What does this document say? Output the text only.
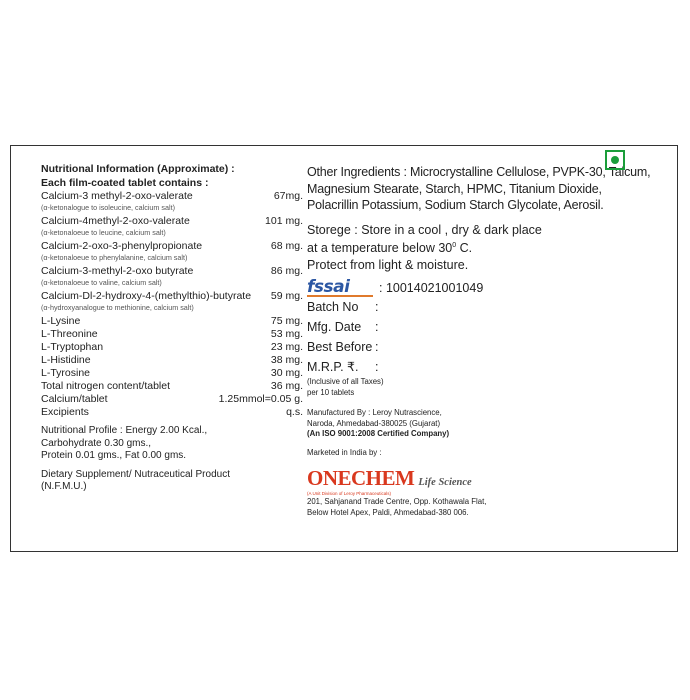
Nutritional Information (Approximate) :
Each film-coated tablet contains :
Calcium-3 methyl-2-oxo-valerate	67mg.
(α-ketonalogue to isoleucine, calcium salt)
Calcium-4methyl-2-oxo-valerate	101 mg.
(α-ketonaloeue to leucine, calcium salt)
Calcium-2-oxo-3-phenylpropionate	68 mg.
(α-ketonaloeue to phenylalanine, calcium salt)
Calcium-3-methyl-2-oxo butyrate	86 mg.
(α-ketonaloeue to valine, calcium salt)
Calcium-Dl-2-hydroxy-4-(methylthio)-butyrate 59 mg.
(α-hydroxyanalogue to methionine, calcium salt)
L-Lysine	75 mg.
L-Threonine	53 mg.
L-Tryptophan	23 mg.
L-Histidine	38 mg.
L-Tyrosine	30 mg.
Total nitrogen content/tablet	36 mg.
Calcium/tablet	1.25mmol=0.05 g.
Excipients	q.s.
Nutritional Profile : Energy 2.00 Kcal.,
Carbohydrate 0.30 gms.,
Protein 0.01 gms., Fat 0.00 gms.
Dietary Supplement/ Nutraceutical Product
(N.F.M.U.)
Other Ingredients : Microcrystalline Cellulose, PVPK-30, Talcum,
Magnesium Stearate, Starch, HPMC, Titanium Dioxide,
Polacrillin Potassium, Sodium Starch Glycolate, Aerosil.
Storege : Store in a cool , dry & dark place
at a temperature below $30^0$ C.
Protect from light & moisture.
fssai	: 10014021001049
Batch No	:
Mfg. Date	:
Best Before :
M.R.P. ₹.	:
(Inclusive of all Taxes)
per 10 tablets
Manufactured By : Leroy Nutrascience,
Naroda, Ahmedabad-380025 (Gujarat)
(An ISO 9001:2008 Certified Company)
Marketed in India by :
ONECHEM Life Science
(A Unit Division of Leroy Pharmaceuticals)
201, Sahjanand Trade Centre, Opp. Kothawala Flat,
Below Hotel Apex, Paldi, Ahmedabad-380 006.
